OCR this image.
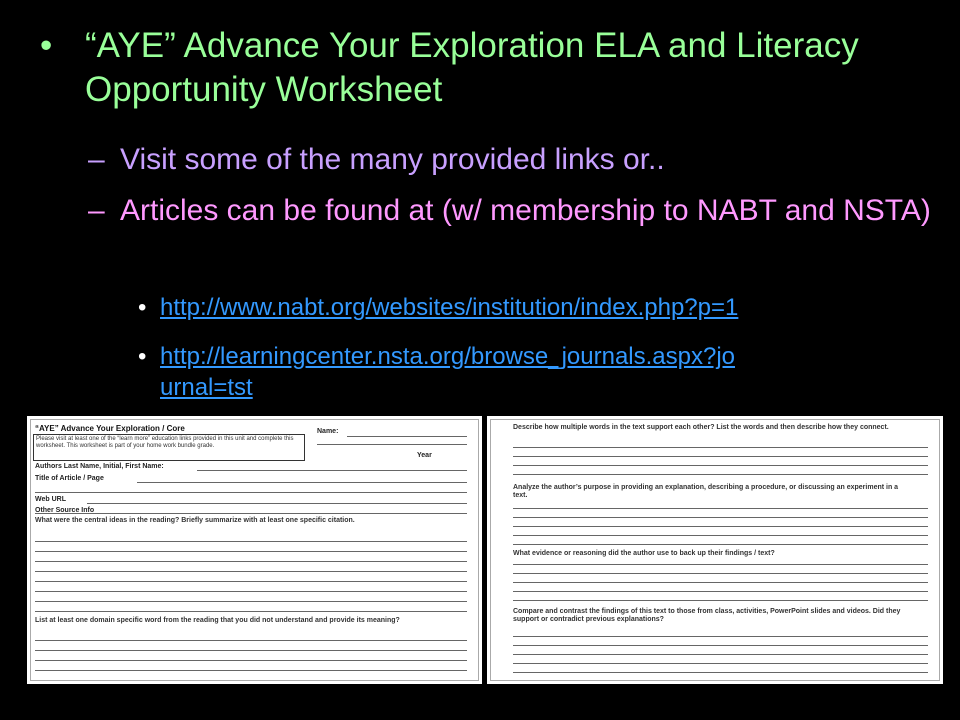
• “AYE” Advance Your Exploration ELA and Literacy Opportunity Worksheet
– Visit some of the many provided links or..
– Articles can be found at (w/ membership to NABT and NSTA)
• http://www.nabt.org/websites/institution/index.php?p=1
• http://learningcenter.nsta.org/browse_journals.aspx?jo
urnal=tst
“AYE” Advance Your Exploration / Core	Name:
Year
Please visit at least one of the “learn more” education links provided in this unit and complete this worksheet. This worksheet is part of your home work bundle grade.
Authors Last Name, Initial, First Name:
Title of Article / Page
Web URL
Other Source Info
What were the central ideas in the reading? Briefly summarize with at least one specific citation.
List at least one domain specific word from the reading that you did not understand and provide its meaning?
Describe how multiple words in the text support each other? List the words and then describe how they connect.
Analyze the author’s purpose in providing an explanation, describing a procedure, or discussing an experiment in a text.
What evidence or reasoning did the author use to back up their findings / text?
Compare and contrast the findings of this text to those from class, activities, PowerPoint slides and videos. Did they support or contradict previous explanations?
